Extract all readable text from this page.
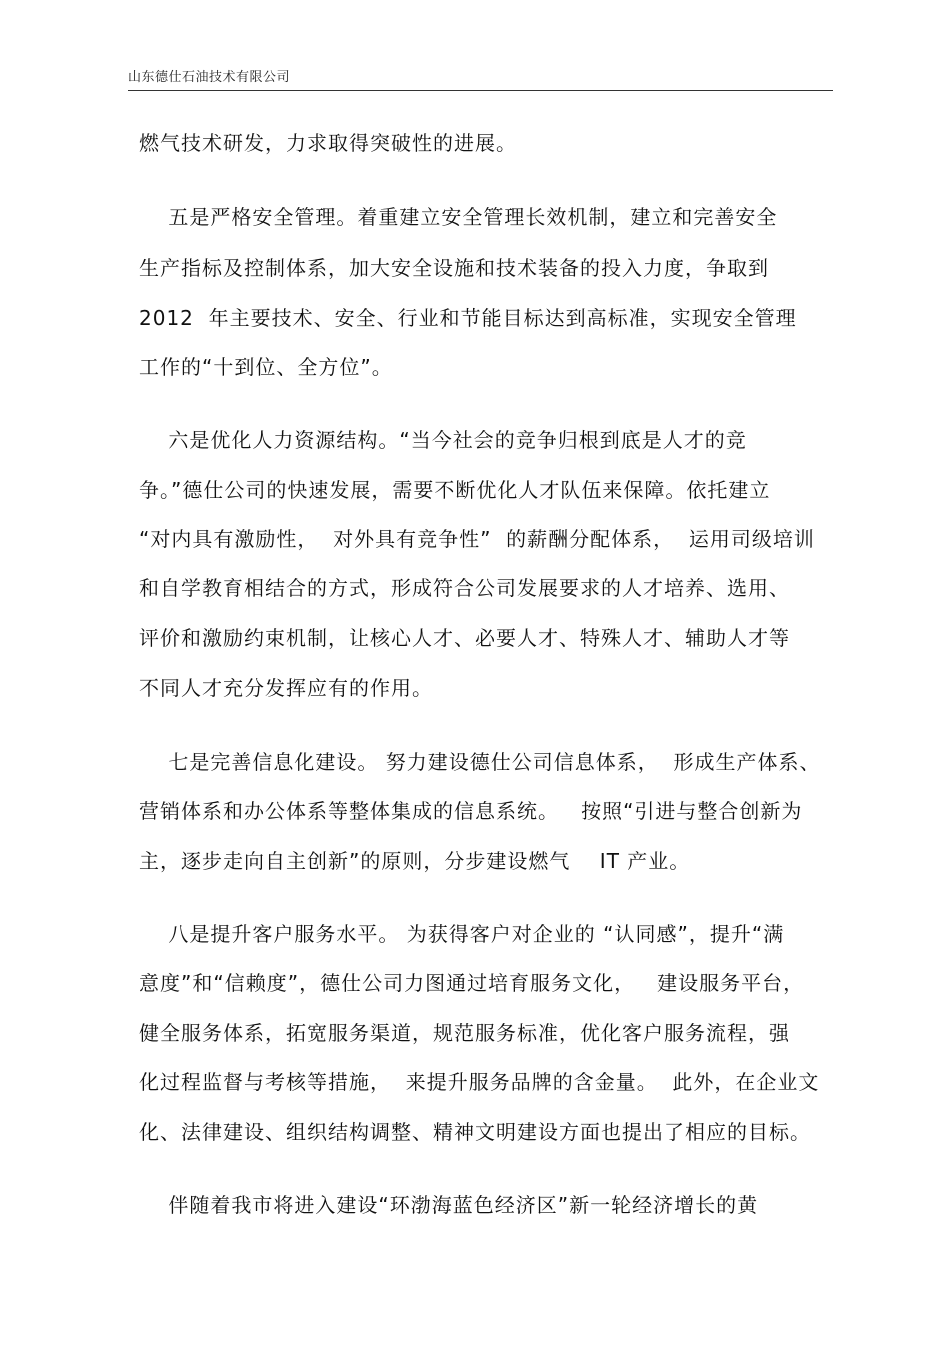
山东德仕石油技术有限公司
燃气技术研发，力求取得突破性的进展。
五是严格安全管理。着重建立安全管理长效机制，建立和完善安全
生产指标及控制体系，加大安全设施和技术装备的投入力度，争取到
2012  年主要技术、安全、行业和节能目标达到高标准，实现安全管理
工作的“十到位、全方位”。
六是优化人力资源结构。“当今社会的竞争归根到底是人才的竞
争。”德仕公司的快速发展，需要不断优化人才队伍来保障。依托建立
“对内具有激励性，  对外具有竞争性”  的薪酬分配体系，  运用司级培训
和自学教育相结合的方式，形成符合公司发展要求的人才培养、选用、
评价和激励约束机制，让核心人才、必要人才、特殊人才、辅助人才等
不同人才充分发挥应有的作用。
七是完善信息化建设。 努力建设德仕公司信息体系，  形成生产体系、
营销体系和办公体系等整体集成的信息系统。   按照“引进与整合创新为
主，逐步走向自主创新”的原则，分步建设燃气    IT 产业。
八是提升客户服务水平。 为获得客户对企业的 “认同感”，提升“满
意度”和“信赖度”，德仕公司力图通过培育服务文化，   建设服务平台，
健全服务体系，拓宽服务渠道，规范服务标准，优化客户服务流程，强
化过程监督与考核等措施，  来提升服务品牌的含金量。  此外，在企业文
化、法律建设、组织结构调整、精神文明建设方面也提出了相应的目标。
伴随着我市将进入建设“环渤海蓝色经济区”新一轮经济增长的黄
